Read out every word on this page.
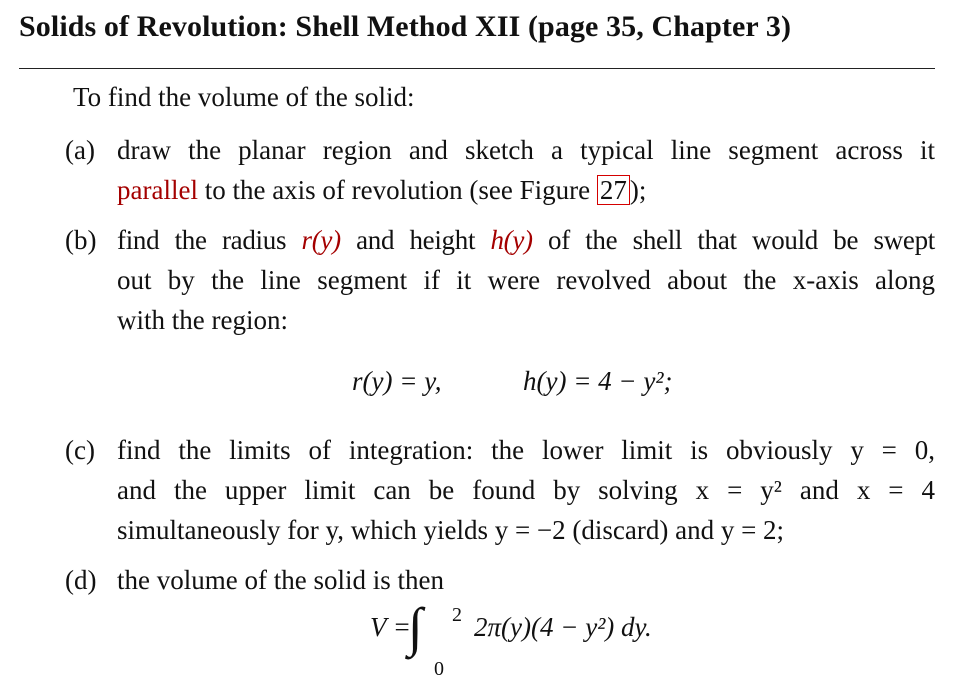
Solids of Revolution: Shell Method XII (page 35, Chapter 3)
To find the volume of the solid:
(a) draw the planar region and sketch a typical line segment across it
parallel to the axis of revolution (see Figure 27 );
(b) find the radius r(y) and height h(y) of the shell that would be swept
out by the line segment if it were revolved about the x-axis along
with the region:
r(y) = y,	h(y) = 4 − y²;
(c) find the limits of integration: the lower limit is obviously y = 0,
and the upper limit can be found by solving x = y² and x = 4
simultaneously for y, which yields y = −2 (discard) and y = 2;
(d) the volume of the solid is then
V =
∫ 2
0
2π(y)(4 − y²) dy.
